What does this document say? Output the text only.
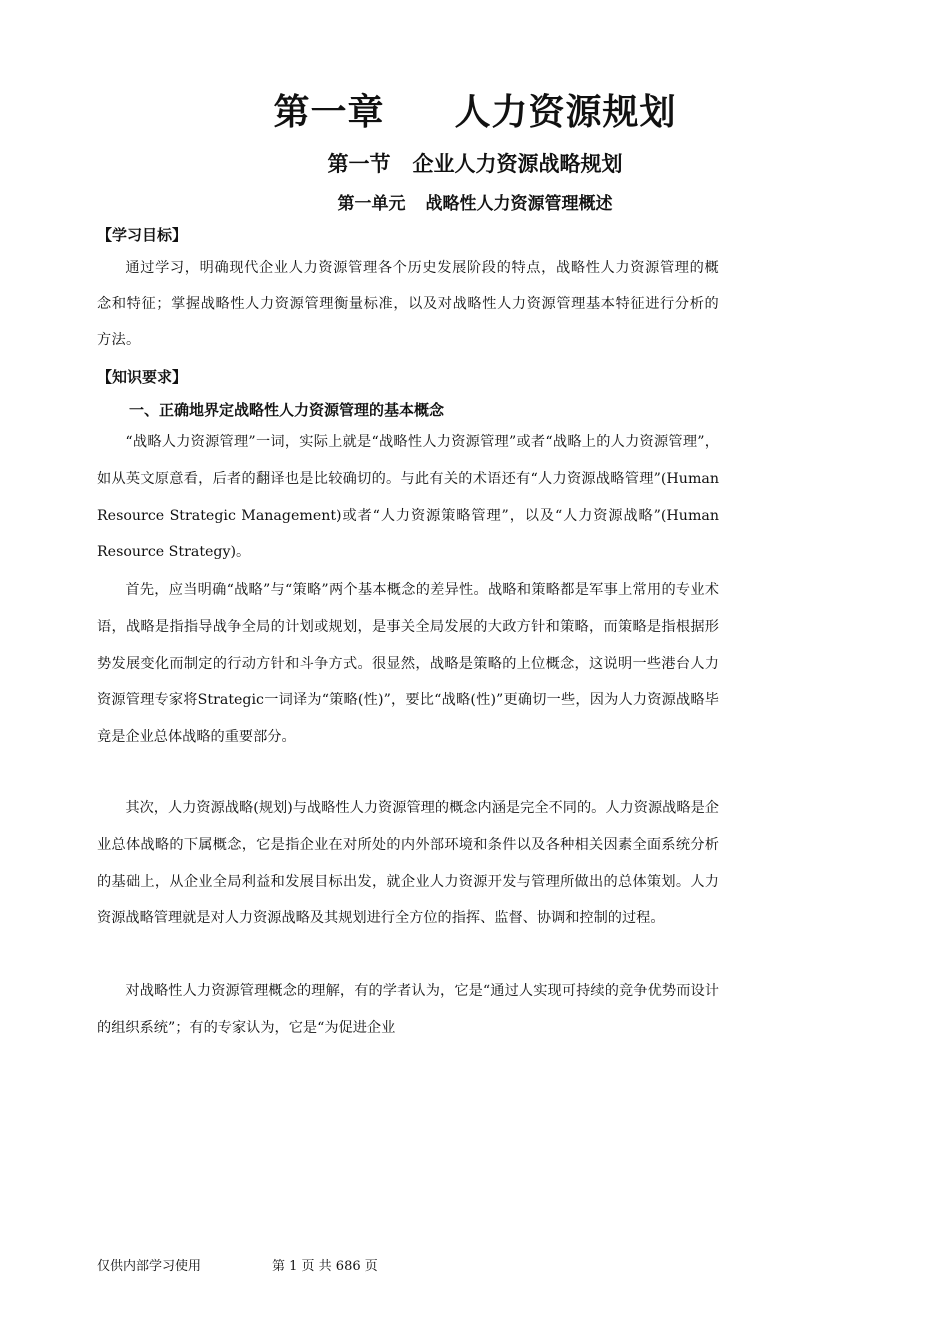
第一章 人力资源规划
第一节 企业人力资源战略规划
第一单元 战略性人力资源管理概述
【学习目标】

通过学习，明确现代企业人力资源管理各个历史发展阶段的特点，战略性人力资源管理的概念和特征；掌握战略性人力资源管理衡量标准，以及对战略性人力资源管理基本特征进行分析的方法。

【知识要求】
一、正确地界定战略性人力资源管理的基本概念

“战略人力资源管理”一词，实际上就是“战略性人力资源管理”或者“战略上的人力资源管理”，如从英文原意看，后者的翻译也是比较确切的。与此有关的术语还有“人力资源战略管理”(Human Resource Strategic Management)或者“人力资源策略管理”，以及“人力资源战略”(Human Resource Strategy)。

首先，应当明确“战略”与“策略”两个基本概念的差异性。战略和策略都是军事上常用的专业术语，战略是指指导战争全局的计划或规划，是事关全局发展的大政方针和策略，而策略是指根据形势发展变化而制定的行动方针和斗争方式。很显然，战略是策略的上位概念，这说明一些港台人力资源管理专家将Strategic一词译为“策略(性)”，要比“战略(性)”更确切一些，因为人力资源战略毕竟是企业总体战略的重要部分。

其次，人力资源战略(规划)与战略性人力资源管理的概念内涵是完全不同的。人力资源战略是企业总体战略的下属概念，它是指企业在对所处的内外部环境和条件以及各种相关因素全面系统分析的基础上，从企业全局利益和发展目标出发，就企业人力资源开发与管理所做出的总体策划。人力资源战略管理就是对人力资源战略及其规划进行全方位的指挥、监督、协调和控制的过程。

对战略性人力资源管理概念的理解，有的学者认为，它是“通过人实现可持续的竞争优势而设计的组织系统”；有的专家认为，它是“为促进企业

仅供内部学习使用	第 1 页 共 686 页
